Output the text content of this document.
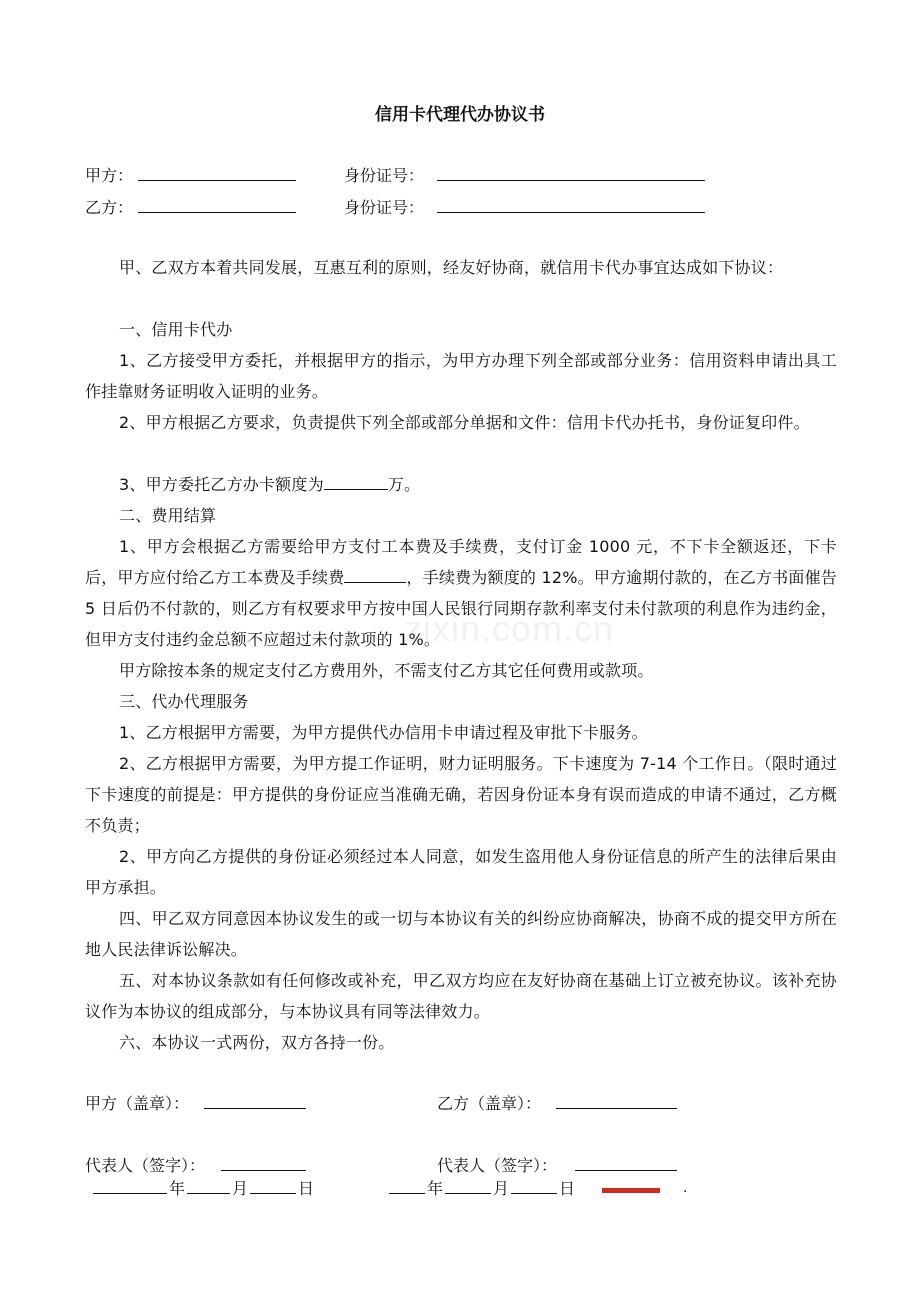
信用卡代理代办协议书
甲方：	身份证号：
乙方：	身份证号：
甲、乙双方本着共同发展，互惠互利的原则，经友好协商，就信用卡代办事宜达成如下协议：
一、信用卡代办
1、乙方接受甲方委托，并根据甲方的指示，为甲方办理下列全部或部分业务：信用资料申请出具工作挂靠财务证明收入证明的业务。
2、甲方根据乙方要求，负责提供下列全部或部分单据和文件：信用卡代办托书，身份证复印件。
3、甲方委托乙方办卡额度为	万。
二、费用结算
1、甲方会根据乙方需要给甲方支付工本费及手续费，支付订金 1000 元，不下卡全额返还，下卡后，甲方应付给乙方工本费及手续费	，手续费为额度的 12%。甲方逾期付款的，在乙方书面催告 5 日后仍不付款的，则乙方有权要求甲方按中国人民银行同期存款利率支付未付款项的利息作为违约金，但甲方支付违约金总额不应超过未付款项的 1%。
甲方除按本条的规定支付乙方费用外，不需支付乙方其它任何费用或款项。
三、代办代理服务
1、乙方根据甲方需要，为甲方提供代办信用卡申请过程及审批下卡服务。
2、乙方根据甲方需要，为甲方提工作证明，财力证明服务。下卡速度为 7-14 个工作日。（限时通过下卡速度的前提是：甲方提供的身份证应当准确无确，若因身份证本身有误而造成的申请不通过，乙方概不负责；
2、甲方向乙方提供的身份证必须经过本人同意，如发生盗用他人身份证信息的所产生的法律后果由甲方承担。
四、甲乙双方同意因本协议发生的或一切与本协议有关的纠纷应协商解决，协商不成的提交甲方所在地人民法律诉讼解决。
五、对本协议条款如有任何修改或补充，甲乙双方均应在友好协商在基础上订立被充协议。该补充协议作为本协议的组成部分，与本协议具有同等法律效力。
六、本协议一式两份，双方各持一份。
zixin.com.cn
甲方（盖章）：	乙方（盖章）：
代表人（签字）：	代表人（签字）：
年	月	日	年	月	日	.
